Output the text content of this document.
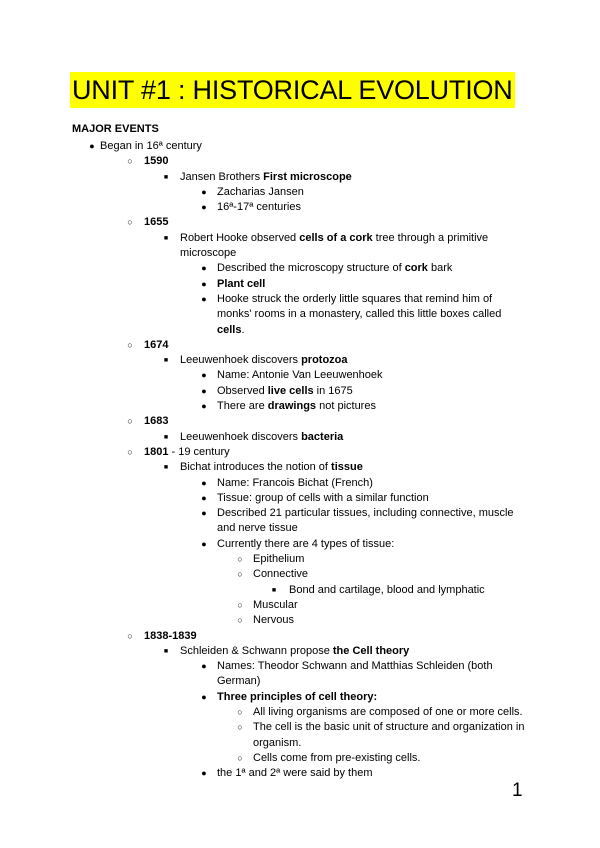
UNIT #1 : HISTORICAL EVOLUTION
MAJOR EVENTS
● Began in 16ª century
○ 1590
■	Jansen Brothers First microscope
● Zacharias Jansen
● 16ª-17ª centuries
○ 1655
■	Robert Hooke observed cells of a cork tree through a primitive
microscope
● Described the microscopy structure of cork bark
● Plant cell
● Hooke struck the orderly little squares that remind him of
monks' rooms in a monastery, called this little boxes called
cells.
○ 1674
■	Leeuwenhoek discovers protozoa
● Name: Antonie Van Leeuwenhoek
● Observed live cells in 1675
● There are drawings not pictures
○ 1683
■	Leeuwenhoek discovers bacteria
○ 1801 - 19 century
■	Bichat introduces the notion of tissue
● Name: Francois Bichat (French)
● Tissue: group of cells with a similar function
● Described 21 particular tissues, including connective, muscle
and nerve tissue
● Currently there are 4 types of tissue:
○ Epithelium
○ Connective
■	Bond and cartilage, blood and lymphatic
○ Muscular
○ Nervous
○ 1838-1839
■	Schleiden & Schwann propose the Cell theory
● Names: Theodor Schwann and Matthias Schleiden (both
German)
● Three principles of cell theory:
○ All living organisms are composed of one or more cells.
○ The cell is the basic unit of structure and organization in
organism.
○ Cells come from pre-existing cells.
● the 1ª and 2ª were said by them
1
